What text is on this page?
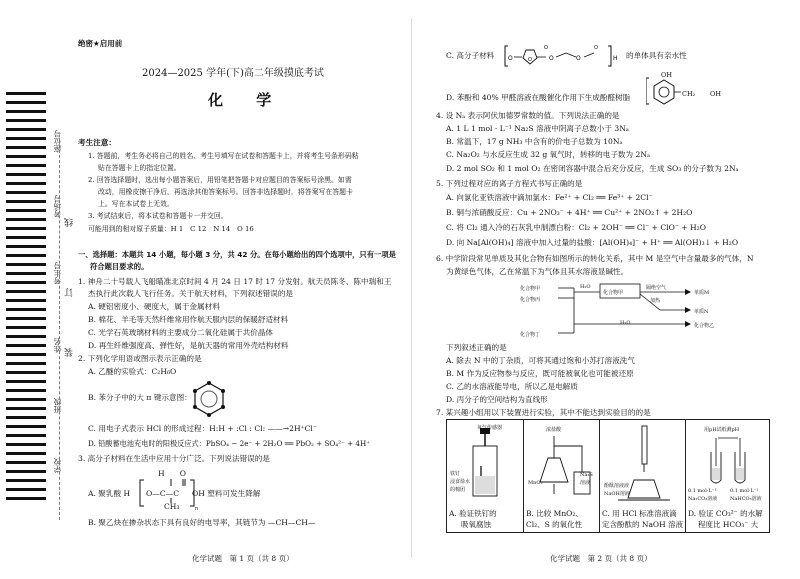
座位号
考场号
考生号
姓名
班级
学校
线
订
装
绝密★启用前
2024—2025 学年(下)高二年级摸底考试
化 学
考生注意：
1. 答题前，考生务必将自己的姓名、考生号填写在试卷和答题卡上，并将考生号条形码粘
贴在答题卡上的指定位置。
2. 回答选择题时，选出每小题答案后，用铅笔把答题卡对应题目的答案标号涂黑。如需
改动，用橡皮擦干净后，再选涂其他答案标号。回答非选择题时，将答案写在答题卡
上。写在本试卷上无效。
3. 考试结束后，将本试卷和答题卡一并交回。
可能用到的相对原子质量：H 1　C 12　N 14　O 16
一、选择题：本题共 14 小题，每小题 3 分，共 42 分。在每小题给出的四个选项中，只有一项是
符合题目要求的。
1. 神舟二十号载人飞船瞄准北京时间 4 月 24 日 17 时 17 分发射。航天员陈冬、陈中瑞和王
杰执行此次载人飞行任务。关于航天材料，下列叙述错误的是
A. 硬铝密度小、硬度大，属于金属材料
B. 棉花、羊毛等天然纤维常用作航天服内层的保暖舒适材料
C. 光学石英玻璃材料的主要成分二氧化硅属于共价晶体
D. 再生纤维强度高、弹性好，是航天器的常用外壳结构材料
2. 下列化学用语或图示表示正确的是
A. 乙醚的实验式：C₂H₆O
B. 苯分子中的大 π 键示意图：
C. 用电子式表示 HCl 的形成过程：H:H + :Cl : Cl: ——→2H⁺Cl⁻
D. 铅酸蓄电池充电时的阳极反应式：PbSO₄ − 2e⁻ + 2H₂O ══ PbO₂ + SO₄²⁻ + 4H⁺
3. 高分子材料在生活中应用十分广泛。下列说法错误的是
H　　O
A. 聚乳酸 H O—C—C OH 塑料可发生降解
n
CH₃
B. 聚乙炔在掺杂状态下具有良好的电导率，其链节为 —CH—CH—
化学试题　第 1 页（共 8 页）
C. 高分子材料 O	O
O
O	O
O
H 的单体具有亲水性
D. 苯酚和 40% 甲醛溶液在酸催化作用下生成酚醛树脂
OH
CH₂ OH
4. 设 Nₐ 表示阿伏加德罗常数的值。下列说法正确的是
A. 1 L 1 mol · L⁻¹ Na₂S 溶液中阴离子总数小于 3Nₐ
B. 常温下，17 g NH₃ 中含有的价电子总数为 10Nₐ
C. Na₂O₂ 与水反应生成 32 g 氧气时，转移的电子数为 2Nₐ
D. 2 mol SO₂ 和 1 mol O₂ 在密闭容器中混合后充分反应，生成 SO₃ 的分子数为 2Nₐ
5. 下列过程对应的离子方程式书写正确的是
A. 向氯化亚铁溶液中滴加氯水：Fe²⁺ + Cl₂ ══ Fe³⁺ + 2Cl⁻
B. 铜与浓硝酸反应：Cu + 2NO₃⁻ + 4H⁺ ══ Cu²⁺ + 2NO₂↑ + 2H₂O
C. 将 Cl₂ 通入冷的石灰乳中制漂白粉：Cl₂ + 2OH⁻ ══ Cl⁻ + ClO⁻ + H₂O
D. 向 Na[Al(OH)₄] 溶液中加入过量的盐酸：[Al(OH)₄]⁻ + H⁺ ══ Al(OH)₃↓ + H₂O
6. 中学阶段常见单质及其化合物有如图所示的转化关系，其中 M 是空气中含量最多的气体，N
为黄绿色气体，乙在常温下为气体且其水溶液显碱性。
化合物甲
化合物丙
化合物丁
H₂O
化合物甲
隔绝空气
加热
单质M
单质N
H₂O	化合物乙
下列叙述正确的是
A. 除去 N 中的丁杂质，可将其通过饱和小苏打溶液洗气
B. M 作为反应物参与反应，既可能被氧化也可能被还原
C. 乙的水溶液能导电，所以乙是电解质
D. 丙分子的空间结构为直线形
7. 某兴趣小组用以下装置进行实验，其中不能达到实验目的的是
化学试题　第 2 页（共 8 页）
氧气传感器
铁钉
浸食盐水
的棉团
A. 验证铁钉的
吸氧腐蚀
浓盐酸
MnO₂
Na₂S
溶液
B. 比较 MnO₂、
Cl₂、S 的氧化性
酚酞溶液液
NaOH溶液
C. 用 HCl 标准溶液滴
定含酚酞的 NaOH 溶液
用pH试纸测pH
0.1 mol·L⁻¹
Na₂CO₃溶液
0.1 mol·L⁻¹
NaHCO₃溶液
D. 验证 CO₃²⁻ 的水解
程度比 HCO₃⁻ 大
